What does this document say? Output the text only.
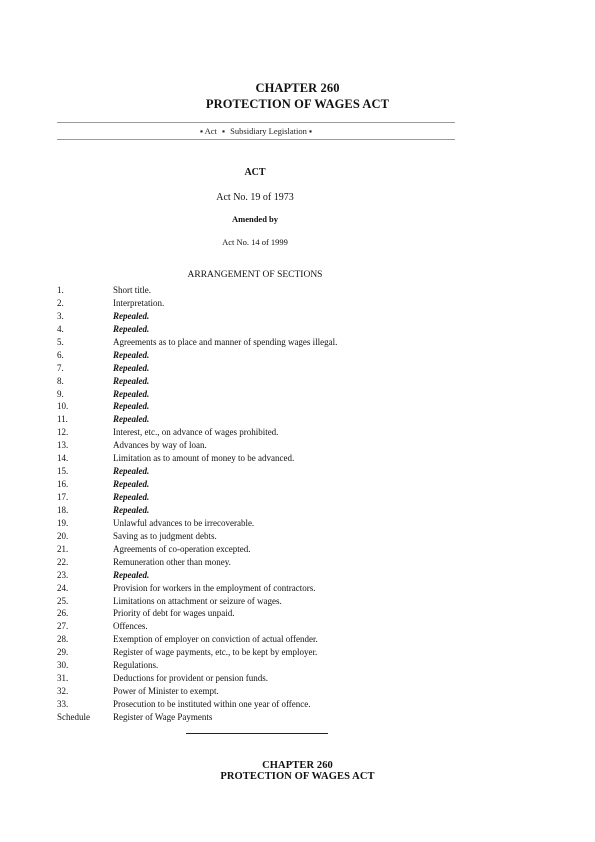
CHAPTER 260
PROTECTION OF WAGES ACT
▪ Act ▪ Subsidiary Legislation ▪
ACT
Act No. 19 of 1973
Amended by
Act No. 14 of 1999
ARRANGEMENT OF SECTIONS
1.	Short title.
2.	Interpretation.
3.	Repealed.
4.	Repealed.
5.	Agreements as to place and manner of spending wages illegal.
6.	Repealed.
7.	Repealed.
8.	Repealed.
9.	Repealed.
10.	Repealed.
11.	Repealed.
12.	Interest, etc., on advance of wages prohibited.
13.	Advances by way of loan.
14.	Limitation as to amount of money to be advanced.
15.	Repealed.
16.	Repealed.
17.	Repealed.
18.	Repealed.
19.	Unlawful advances to be irrecoverable.
20.	Saving as to judgment debts.
21.	Agreements of co-operation excepted.
22.	Remuneration other than money.
23.	Repealed.
24.	Provision for workers in the employment of contractors.
25.	Limitations on attachment or seizure of wages.
26.	Priority of debt for wages unpaid.
27.	Offences.
28.	Exemption of employer on conviction of actual offender.
29.	Register of wage payments, etc., to be kept by employer.
30.	Regulations.
31.	Deductions for provident or pension funds.
32.	Power of Minister to exempt.
33.	Prosecution to be instituted within one year of offence.
Schedule	Register of Wage Payments
CHAPTER 260
PROTECTION OF WAGES ACT
